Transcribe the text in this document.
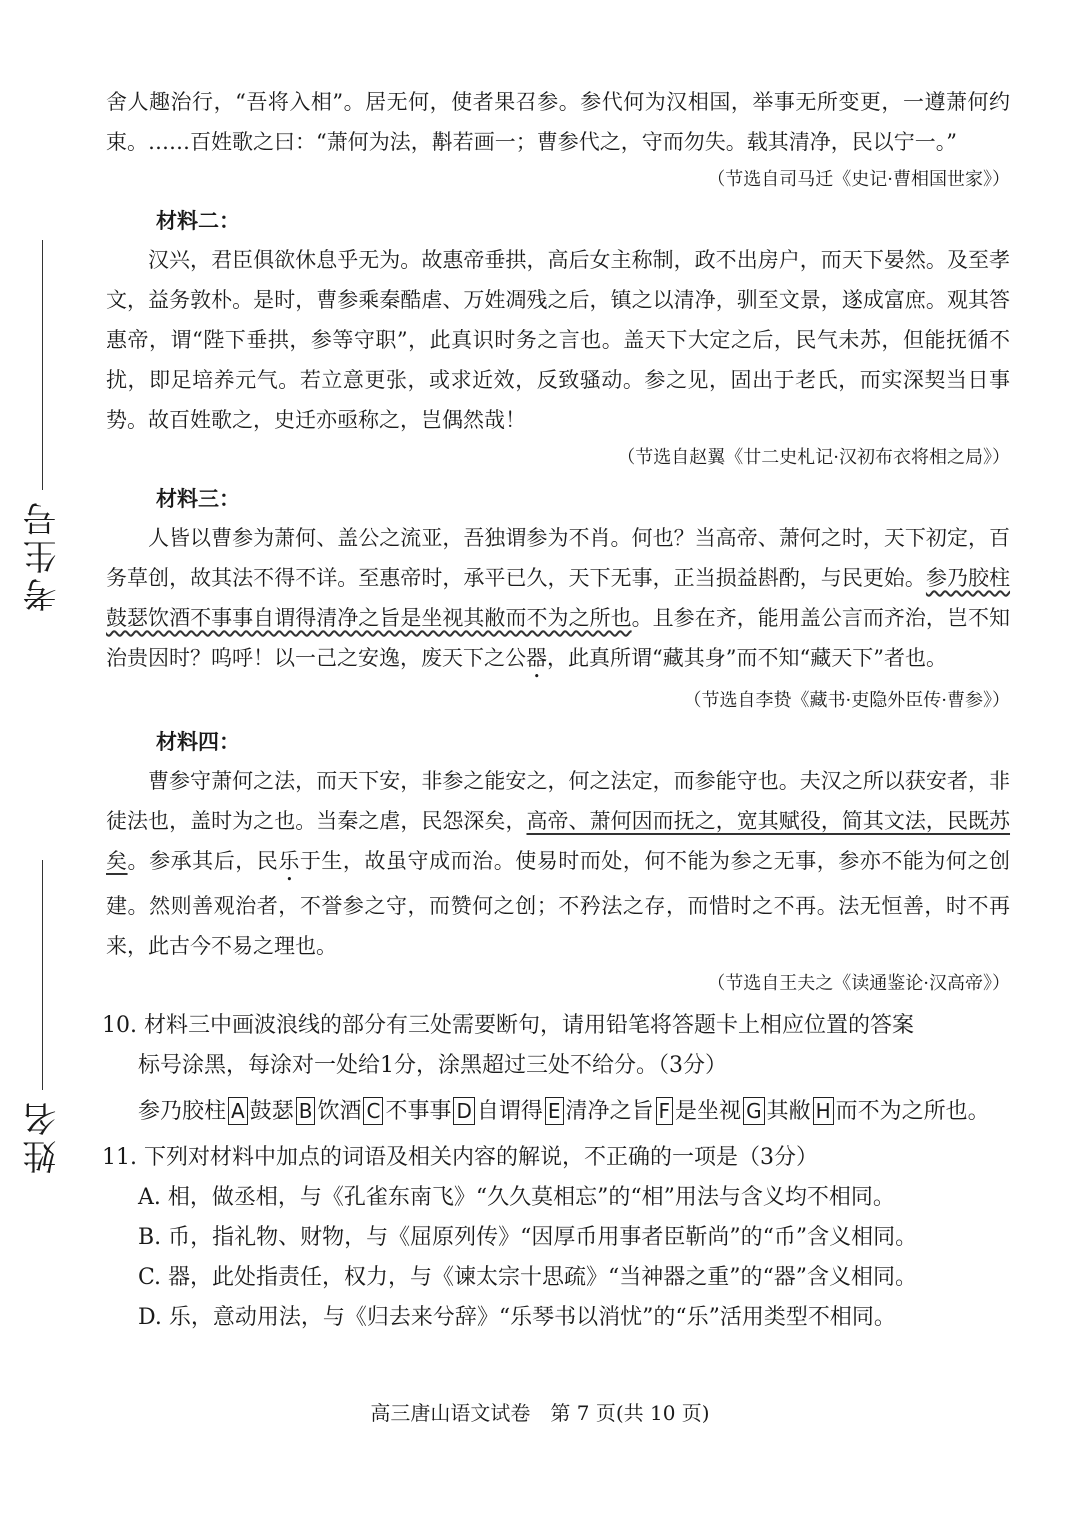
考生号
姓名

舍人趣治行，“吾将入相”。居无何，使者果召参。参代何为汉相国，举事无所变更，一遵萧何约束。……百姓歌之曰：“萧何为法，斠若画一；曹参代之，守而勿失。载其清净，民以宁一。”

（节选自司马迁《史记·曹相国世家》）

材料二：

汉兴，君臣俱欲休息乎无为。故惠帝垂拱，高后女主称制，政不出房户，而天下晏然。及至孝文，益务敦朴。是时，曹参乘秦酷虐、万姓凋残之后，镇之以清净，驯至文景，遂成富庶。观其答惠帝，谓“陛下垂拱，参等守职”，此真识时务之言也。盖天下大定之后，民气未苏，但能抚循不扰，即足培养元气。若立意更张，或求近效，反致骚动。参之见，固出于老氏，而实深契当日事势。故百姓歌之，史迁亦亟称之，岂偶然哉！

（节选自赵翼《廿二史札记·汉初布衣将相之局》）

材料三：

人皆以曹参为萧何、盖公之流亚，吾独谓参为不肖。何也？当高帝、萧何之时，天下初定，百务草创，故其法不得不详。至惠帝时，承平已久，天下无事，正当损益斟酌，与民更始。参乃胶柱鼓瑟饮酒不事事自谓得清净之旨是坐视其敝而不为之所也。且参在齐，能用盖公言而齐治，岂不知治贵因时？呜呼！以一己之安逸，废天下之公器，此真所谓“藏其身”而不知“藏天下”者也。

（节选自李贽《藏书·吏隐外臣传·曹参》）

材料四：

曹参守萧何之法，而天下安，非参之能安之，何之法定，而参能守也。夫汉之所以获安者，非徒法也，盖时为之也。当秦之虐，民怨深矣，高帝、萧何因而抚之，宽其赋役，简其文法，民既苏矣。参承其后，民乐于生，故虽守成而治。使易时而处，何不能为参之无事，参亦不能为何之创建。然则善观治者，不誉参之守，而赞何之创；不矜法之存，而惜时之不再。法无恒善，时不再来，此古今不易之理也。

（节选自王夫之《读通鉴论·汉高帝》）

10. 材料三中画波浪线的部分有三处需要断句，请用铅笔将答题卡上相应位置的答案

标号涂黑，每涂对一处给1分，涂黑超过三处不给分。（3分）

参乃胶柱 A 鼓瑟 B 饮酒 C 不事事 D 自谓得 E 清净之旨 F 是坐视 G 其敝 H 而不为之所也。

11. 下列对材料中加点的词语及相关内容的解说，不正确的一项是（3分）

A. 相，做丞相，与《孔雀东南飞》“久久莫相忘”的“相”用法与含义均不相同。

B. 币，指礼物、财物，与《屈原列传》“因厚币用事者臣靳尚”的“币”含义相同。

C. 器，此处指责任，权力，与《谏太宗十思疏》“当神器之重”的“器”含义相同。

D. 乐，意动用法，与《归去来兮辞》“乐琴书以消忧”的“乐”活用类型不相同。

高三唐山语文试卷　第 7 页(共 10 页)
